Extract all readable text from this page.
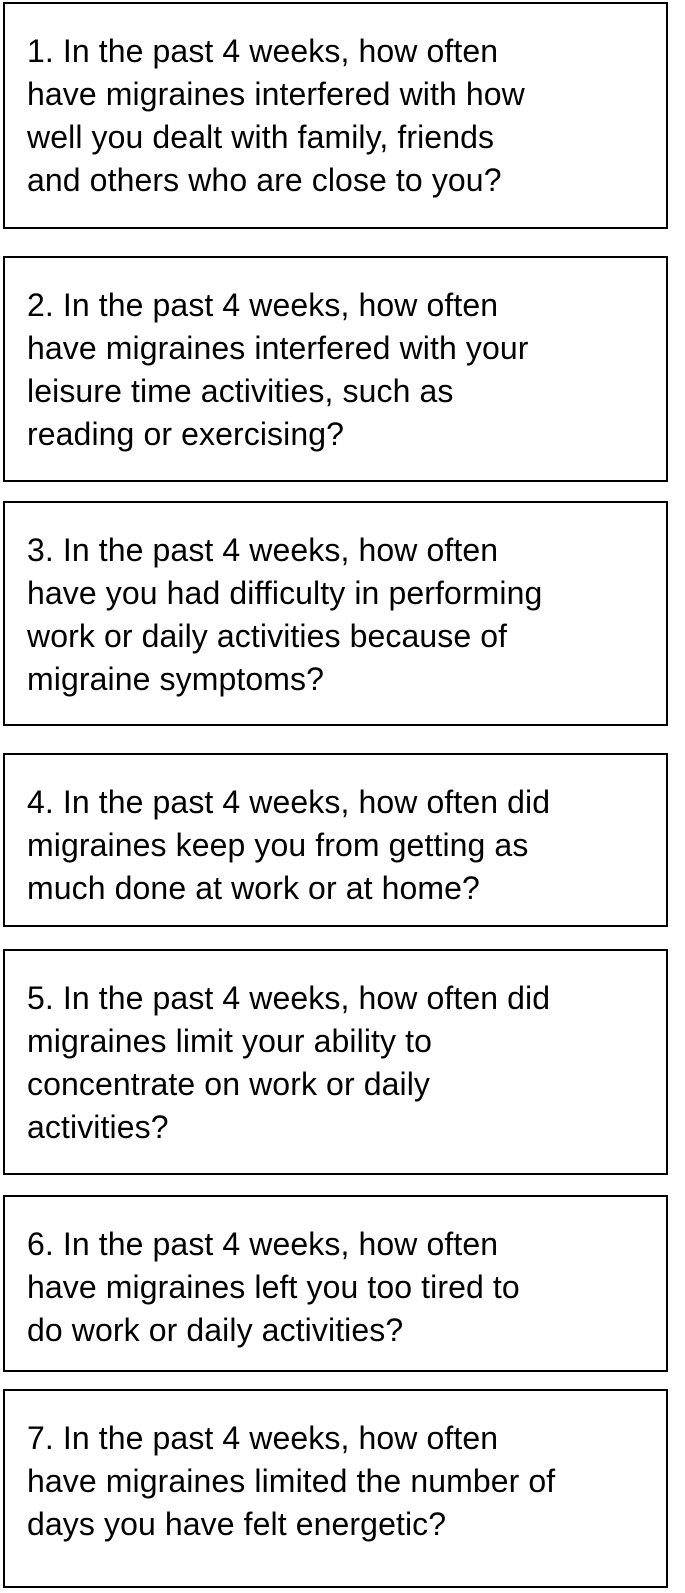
1. In the past 4 weeks, how often
have migraines interfered with how
well you dealt with family, friends
and others who are close to you?

2. In the past 4 weeks, how often
have migraines interfered with your
leisure time activities, such as
reading or exercising?

3. In the past 4 weeks, how often
have you had difficulty in performing
work or daily activities because of
migraine symptoms?

4. In the past 4 weeks, how often did
migraines keep you from getting as
much done at work or at home?

5. In the past 4 weeks, how often did
migraines limit your ability to
concentrate on work or daily
activities?

6. In the past 4 weeks, how often
have migraines left you too tired to
do work or daily activities?

7. In the past 4 weeks, how often
have migraines limited the number of
days you have felt energetic?
